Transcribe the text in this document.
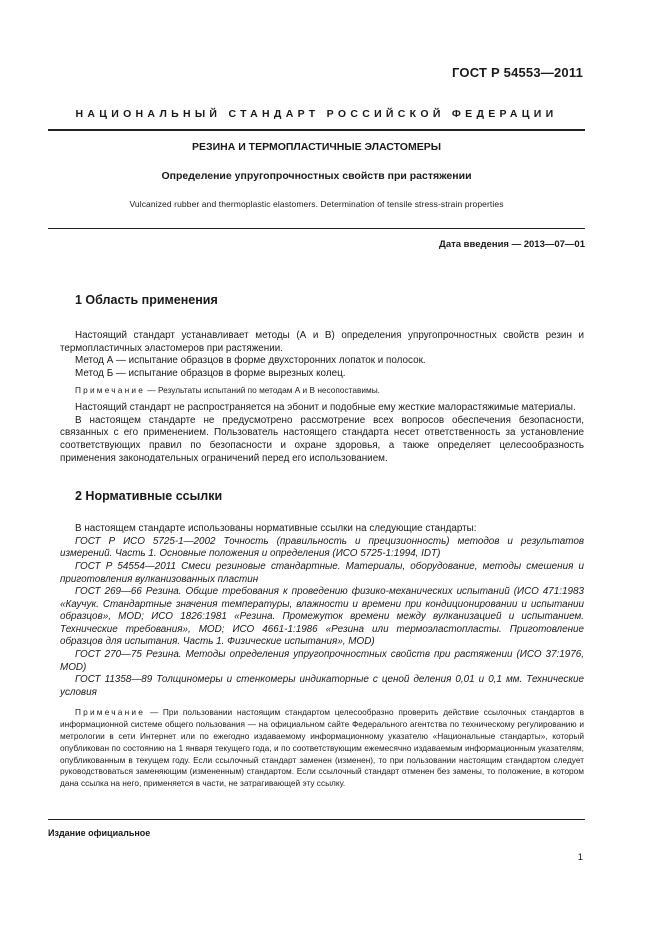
ГОСТ Р 54553—2011
НАЦИОНАЛЬНЫЙ СТАНДАРТ РОССИЙСКОЙ ФЕДЕРАЦИИ
РЕЗИНА И ТЕРМОПЛАСТИЧНЫЕ ЭЛАСТОМЕРЫ
Определение упругопрочностных свойств при растяжении
Vulcanized rubber and thermoplastic elastomers. Determination of tensile stress-strain properties
Дата введения — 2013—07—01
1 Область применения

Настоящий стандарт устанавливает методы (А и В) определения упругопрочностных свойств резин и термопластичных эластомеров при растяжении.

Метод А — испытание образцов в форме двухсторонних лопаток и полосок.

Метод Б — испытание образцов в форме вырезных колец.

Примечание — Результаты испытаний по методам А и В несопоставимы.

Настоящий стандарт не распространяется на эбонит и подобные ему жесткие малорастяжимые материалы.

В настоящем стандарте не предусмотрено рассмотрение всех вопросов обеспечения безопасности, связанных с его применением. Пользователь настоящего стандарта несет ответственность за установление соответствующих правил по безопасности и охране здоровья, а также определяет целесообразность применения законодательных ограничений перед его использованием.

2 Нормативные ссылки

В настоящем стандарте использованы нормативные ссылки на следующие стандарты:

ГОСТ Р ИСО 5725-1—2002 Точность (правильность и прецизионность) методов и результатов измерений. Часть 1. Основные положения и определения (ИСО 5725-1:1994, IDT)

ГОСТ Р 54554—2011 Смеси резиновые стандартные. Материалы, оборудование, методы смешения и приготовления вулканизованных пластин

ГОСТ 269—66 Резина. Общие требования к проведению физико-механических испытаний (ИСО 471:1983 «Каучук. Стандартные значения температуры, влажности и времени при кондиционировании и испытании образцов», MOD; ИСО 1826:1981 «Резина. Промежуток времени между вулканизацией и испытанием. Технические требования», MOD; ИСО 4661-1:1986 «Резина или термоэластопласты. Приготовление образцов для испытания. Часть 1. Физические испытания», MOD)

ГОСТ 270—75 Резина. Методы определения упругопрочностных свойств при растяжении (ИСО 37:1976, MOD)

ГОСТ 11358—89 Толщиномеры и стенкомеры индикаторные с ценой деления 0,01 и 0,1 мм. Технические условия

Примечание — При пользовании настоящим стандартом целесообразно проверить действие ссылочных стандартов в информационной системе общего пользования — на официальном сайте Федерального агентства по техническому регулированию и метрологии в сети Интернет или по ежегодно издаваемому информационному указателю «Национальные стандарты», который опубликован по состоянию на 1 января текущего года, и по соответствующим ежемесячно издаваемым информационным указателям, опубликованным в текущем году. Если ссылочный стандарт заменен (изменен), то при пользовании настоящим стандартом следует руководствоваться заменяющим (измененным) стандартом. Если ссылочный стандарт отменен без замены, то положение, в котором дана ссылка на него, применяется в части, не затрагивающей эту ссылку.

Издание официальное
1
